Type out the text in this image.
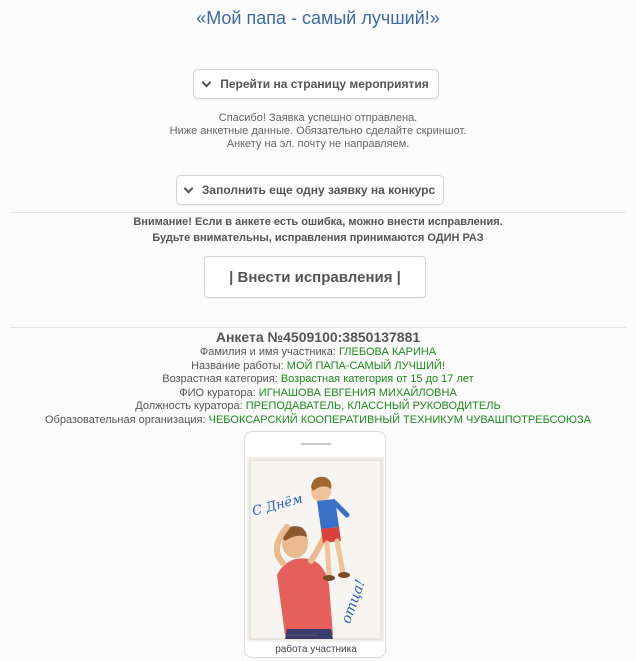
«Мой папа - самый лучший!»
Перейти на страницу мероприятия
Спасибо! Заявка успешно отправлена.
Ниже анкетные данные. Обязательно сделайте скриншот.
Анкету на эл. почту не направляем.
Заполнить еще одну заявку на конкурс
Внимание! Если в анкете есть ошибка, можно внести исправления.
Будьте внимательны, исправления принимаются ОДИН РАЗ
| Внести исправления |
Анкета №4509100:3850137881
Фамилия и имя участника: ГЛЕБОВА КАРИНА
Название работы: МОЙ ПАПА-САМЫЙ ЛУЧШИЙ!
Возрастная категория: Возрастная категория от 15 до 17 лет
ФИО куратора: ИГНАШОВА ЕВГЕНИЯ МИХАЙЛОВНА
Должность куратора: ПРЕПОДАВАТЕЛЬ, КЛАССНЫЙ РУКОВОДИТЕЛЬ
Образовательная организация: ЧЕБОКСАРСКИЙ КООПЕРАТИВНЫЙ ТЕХНИКУМ ЧУВАШПОТРЕБСОЮЗА
С Днём
отца!
работа участника
